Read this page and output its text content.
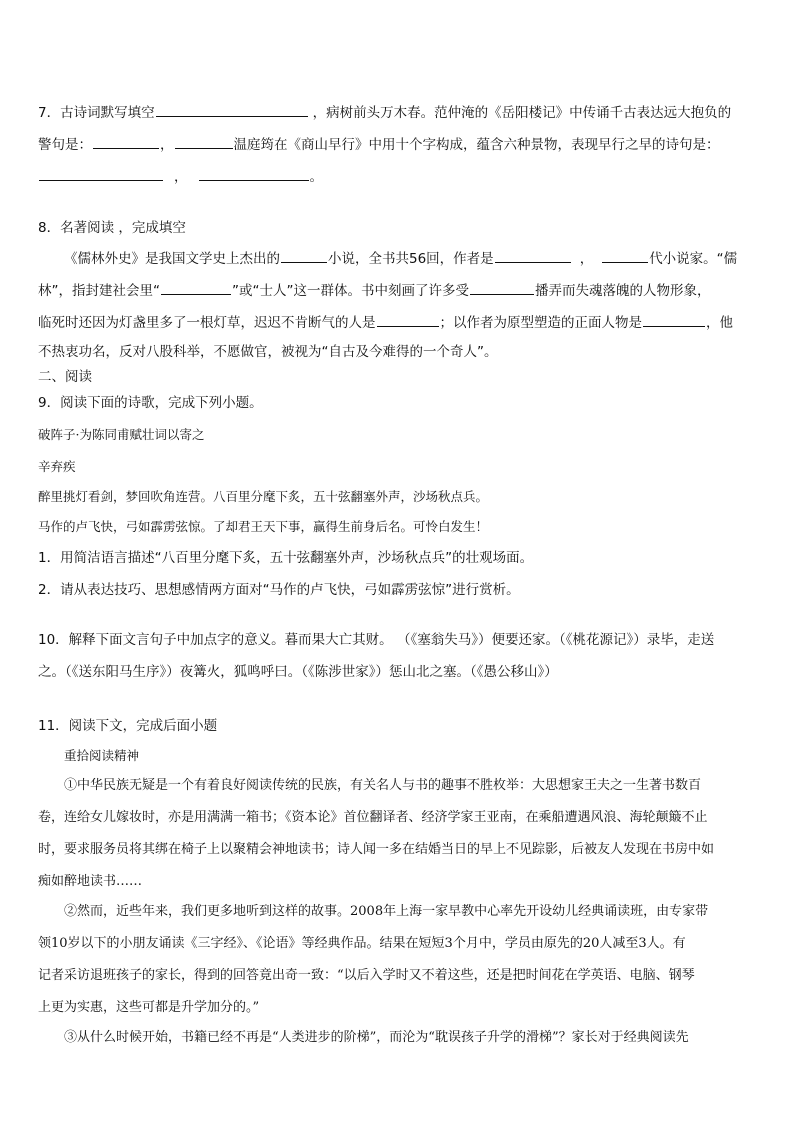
7．古诗词默写填空	，病树前头万木春。范仲淹的《岳阳楼记》中传诵千古表达远大抱负的
警句是：	，	温庭筠在《商山早行》中用十个字构成，蕴含六种景物，表现早行之早的诗句是：
，	。
8．名著阅读 ，完成填空
《儒林外史》是我国文学史上杰出的	小说，全书共56回，作者是	，	代小说家。“儒
林”，指封建社会里“	”或“士人”这一群体。书中刻画了许多受	播弄而失魂落魄的人物形象，
临死时还因为灯盏里多了一根灯草，迟迟不肯断气的人是	；以作者为原型塑造的正面人物是	，他
不热衷功名，反对八股科举，不愿做官，被视为“自古及今难得的一个奇人”。
二、阅读
9．阅读下面的诗歌，完成下列小题。
破阵子·为陈同甫赋壮词以寄之
辛弃疾
醉里挑灯看剑，梦回吹角连营。八百里分麾下炙，五十弦翻塞外声，沙场秋点兵。
马作的卢飞快，弓如霹雳弦惊。了却君王天下事，赢得生前身后名。可怜白发生！
1．用简洁语言描述“八百里分麾下炙，五十弦翻塞外声，沙场秋点兵”的壮观场面。
2．请从表达技巧、思想感情两方面对“马作的卢飞快，弓如霹雳弦惊”进行赏析。
10．解释下面文言句子中加点字的意义。暮而果大亡其财。 （《塞翁失马》）便要还家。（《桃花源记》）录毕，走送
之。（《送东阳马生序》）夜篝火，狐鸣呼曰。（《陈涉世家》）惩山北之塞。（《愚公移山》）
11．阅读下文，完成后面小题
重拾阅读精神
①中华民族无疑是一个有着良好阅读传统的民族，有关名人与书的趣事不胜枚举：大思想家王夫之一生著书数百
卷，连给女儿嫁妆时，亦是用满满一箱书；《资本论》首位翻译者、经济学家王亚南，在乘船遭遇风浪、海轮颠簸不止
时，要求服务员将其绑在椅子上以聚精会神地读书；诗人闻一多在结婚当日的早上不见踪影，后被友人发现在书房中如
痴如醉地读书……
②然而，近些年来，我们更多地听到这样的故事。2008年上海一家早教中心率先开设幼儿经典诵读班，由专家带
领10岁以下的小朋友诵读《三字经》、《论语》等经典作品。结果在短短3个月中，学员由原先的20人减至3人。有
记者采访退班孩子的家长，得到的回答竟出奇一致：“以后入学时又不着这些，还是把时间花在学英语、电脑、钢琴
上更为实惠，这些可都是升学加分的。”
③从什么时候开始，书籍已经不再是“人类进步的阶梯”，而沦为“耽误孩子升学的滑梯”？家长对于经典阅读先
